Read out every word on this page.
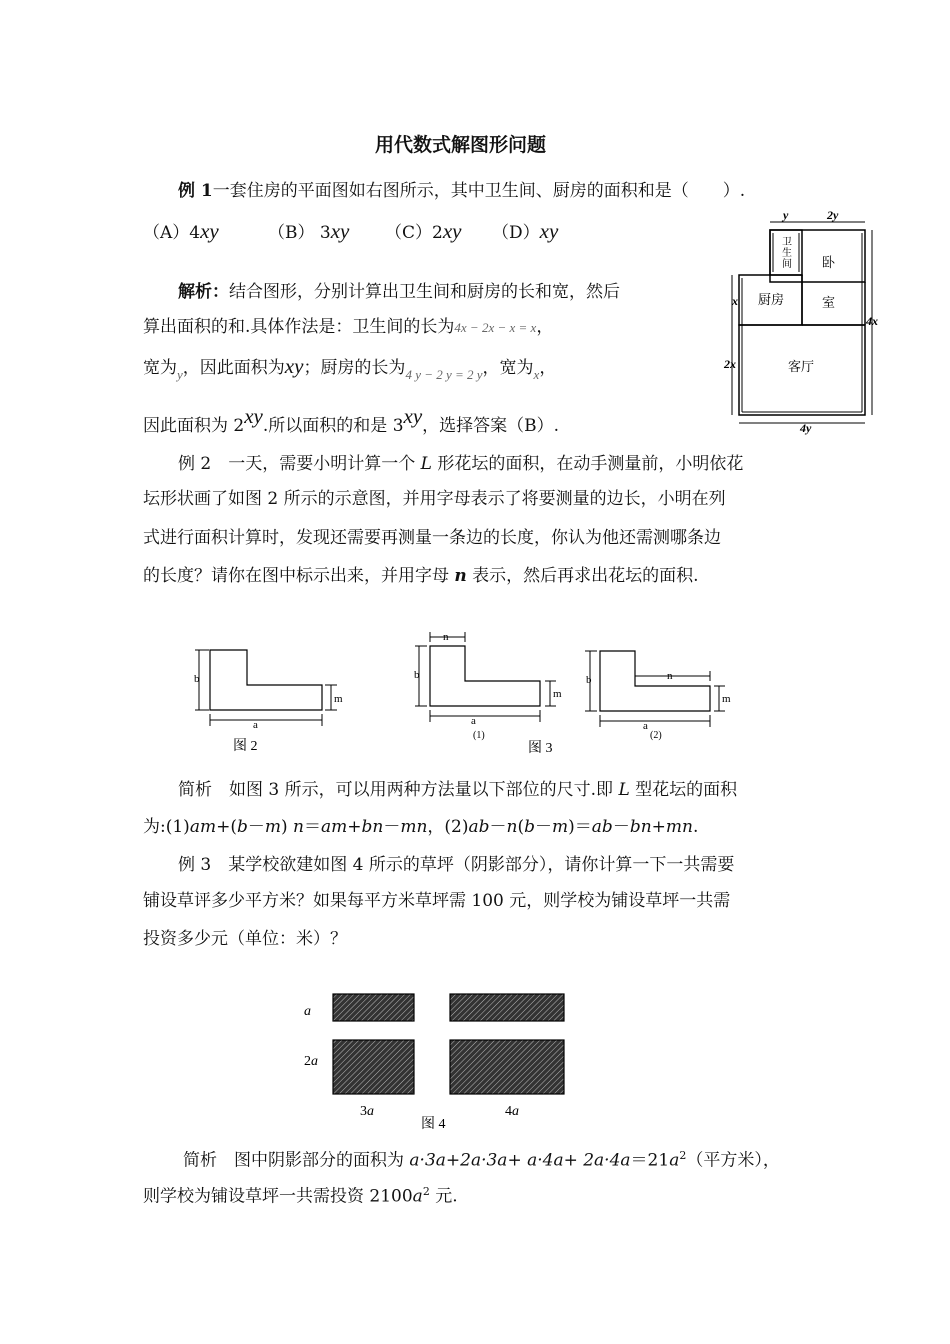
用代数式解图形问题
例 1一套住房的平面图如右图所示，其中卫生间、厨房的面积和是（　　）.
（A）4xy	（B） 3xy （C）2xy （D）xy
解析：结合图形，分别计算出卫生间和厨房的长和宽，然后
算出面积的和.具体作法是：卫生间的长为4x − 2x − x = x，
宽为$_y$，因此面积为xy；厨房的长为$_{4 y - 2 y = 2 y}$，宽为$_x$，
因此面积为 2xy.所以面积的和是 3xy，选择答案（B）.
y	2y
x
2x
4x
4y
卫
生
间 卧
室
厨房
客厅
例 2　一天，需要小明计算一个 L 形花坛的面积，在动手测量前，小明依花
坛形状画了如图 2 所示的示意图，并用字母表示了将要测量的边长，小明在列
式进行面积计算时，发现还需要再测量一条边的长度，你认为他还需测哪条边
的长度？请你在图中标示出来，并用字母 n 表示，然后再求出花坛的面积.
b
m
a
图 2
n
b
m
a
n
b
m
a
(1)	(2)
图 3
简析　如图 3 所示，可以用两种方法量以下部位的尺寸.即 L 型花坛的面积
为:(1)am+(b－m) n＝am+bn－mn，(2)ab－n(b－m)＝ab－bn+mn.
例 3　某学校欲建如图 4 所示的草坪（阴影部分），请你计算一下一共需要
铺设草评多少平方米？如果每平方米草坪需 100 元，则学校为铺设草坪一共需
投资多少元（单位：米）？
a
2a
3a	4a
图 4
简析　图中阴影部分的面积为 $a\cdot 3a+2a\cdot 3a+ a\cdot 4a+ 2a\cdot 4a=21a^2$（平方米），
则学校为铺设草坪一共需投资 $2100a^2$ 元.
